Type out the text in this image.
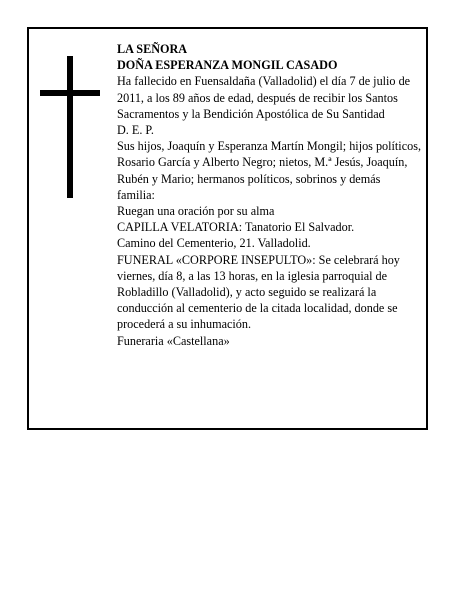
LA SEÑORA

DOÑA ESPERANZA MONGIL CASADO

Ha fallecido en Fuensaldaña (Valladolid) el día 7 de julio de 2011, a los 89 años de edad, después de recibir los Santos Sacramentos y la Bendición Apostólica de Su Santidad

D. E. P.

Sus hijos, Joaquín y Esperanza Martín Mongil; hijos políticos, Rosario García y Alberto Negro; nietos, M.ª Jesús, Joaquín, Rubén y Mario; hermanos políticos, sobrinos y demás familia:

Ruegan una oración por su alma

CAPILLA VELATORIA: Tanatorio El Salvador.

Camino del Cementerio, 21. Valladolid.

FUNERAL «CORPORE INSEPULTO»: Se celebrará hoy viernes, día 8, a las 13 horas, en la iglesia parroquial de Robladillo (Valladolid), y acto seguido se realizará la conducción al cementerio de la citada localidad, donde se procederá a su inhumación.

Funeraria «Castellana»
